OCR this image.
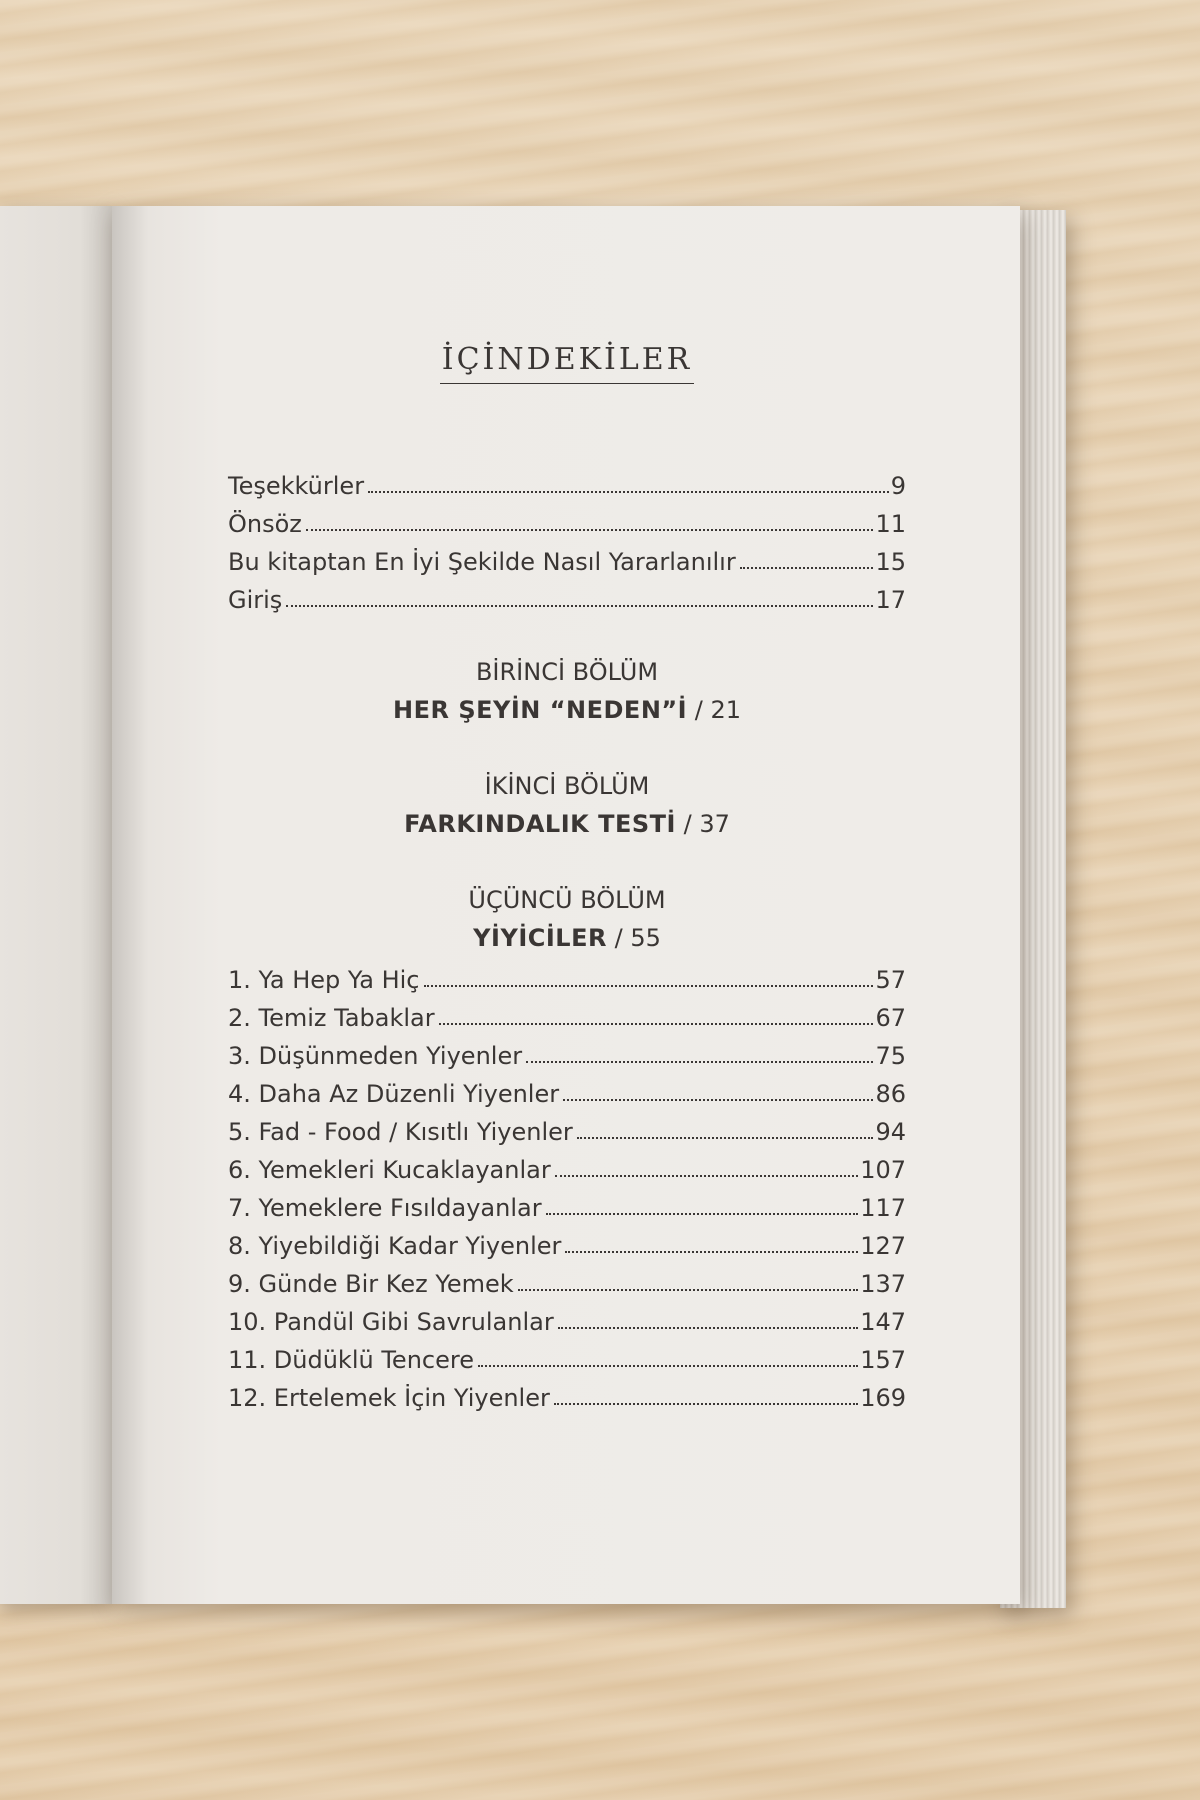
İÇİNDEKİLER
Teşekkürler	9
Önsöz	11
Bu kitaptan En İyi Şekilde Nasıl Yararlanılır	15
Giriş	17
BİRİNCİ BÖLÜM
HER ŞEYİN “NEDEN”İ / 21
İKİNCİ BÖLÜM
FARKINDALIK TESTİ / 37
ÜÇÜNCÜ BÖLÜM
YİYİCİLER / 55
1. Ya Hep Ya Hiç	57
2. Temiz Tabaklar	67
3. Düşünmeden Yiyenler	75
4. Daha Az Düzenli Yiyenler	86
5. Fad - Food / Kısıtlı Yiyenler	94
6. Yemekleri Kucaklayanlar	107
7. Yemeklere Fısıldayanlar	117
8. Yiyebildiği Kadar Yiyenler	127
9. Günde Bir Kez Yemek	137
10. Pandül Gibi Savrulanlar	147
11. Düdüklü Tencere	157
12. Ertelemek İçin Yiyenler	169
